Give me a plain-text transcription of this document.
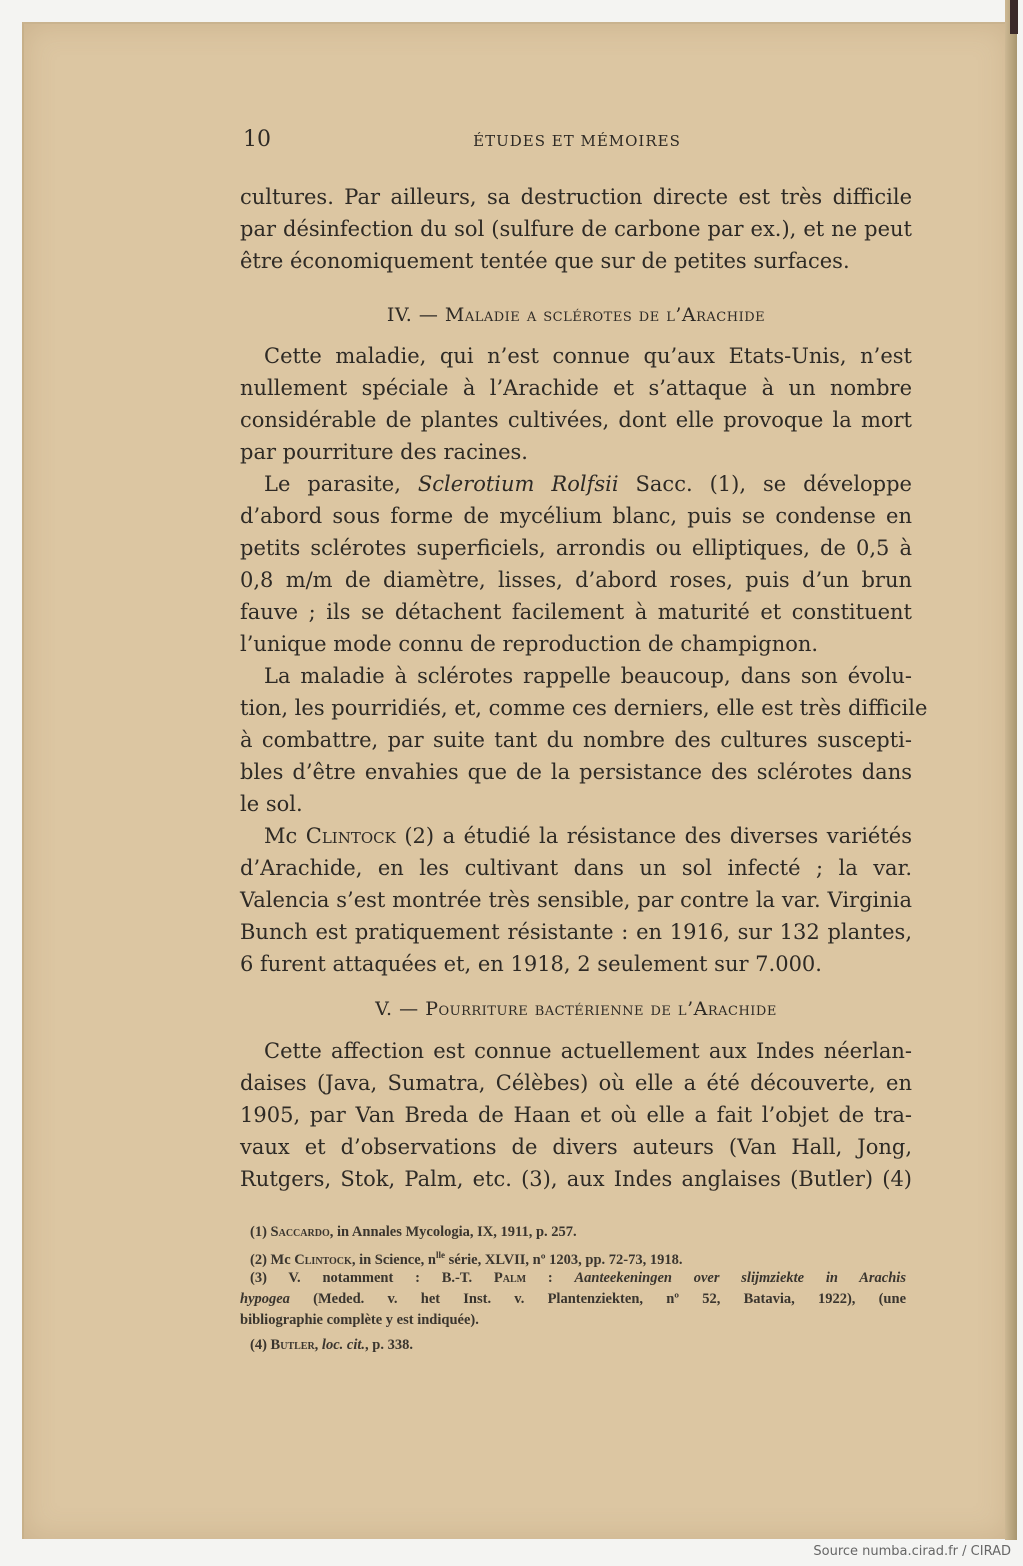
10	ÉTUDES ET MÉMOIRES
cultures. Par ailleurs, sa destruction directe est très difficile
par désinfection du sol (sulfure de carbone par ex.), et ne peut
être économiquement tentée que sur de petites surfaces.
IV. — Maladie a sclérotes de l’Arachide
Cette maladie, qui n’est connue qu’aux Etats-Unis, n’est
nullement spéciale à l’Arachide et s’attaque à un nombre
considérable de plantes cultivées, dont elle provoque la mort
par pourriture des racines.
Le parasite, Sclerotium Rolfsii Sacc. (1), se développe
d’abord sous forme de mycélium blanc, puis se condense en
petits sclérotes superficiels, arrondis ou elliptiques, de 0,5 à
0,8 m/m de diamètre, lisses, d’abord roses, puis d’un brun
fauve ; ils se détachent facilement à maturité et constituent
l’unique mode connu de reproduction de champignon.
La maladie à sclérotes rappelle beaucoup, dans son évolu-
tion, les pourridiés, et, comme ces derniers, elle est très difficile
à combattre, par suite tant du nombre des cultures suscepti-
bles d’être envahies que de la persistance des sclérotes dans
le sol.
Mc Clintock (2) a étudié la résistance des diverses variétés
d’Arachide, en les cultivant dans un sol infecté ; la var.
Valencia s’est montrée très sensible, par contre la var. Virginia
Bunch est pratiquement résistante : en 1916, sur 132 plantes,
6 furent attaquées et, en 1918, 2 seulement sur 7.000.
V. — Pourriture bactérienne de l’Arachide
Cette affection est connue actuellement aux Indes néerlan-
daises (Java, Sumatra, Célèbes) où elle a été découverte, en
1905, par Van Breda de Haan et où elle a fait l’objet de tra-
vaux et d’observations de divers auteurs (Van Hall, Jong,
Rutgers, Stok, Palm, etc. (3), aux Indes anglaises (Butler) (4)
(1) Saccardo, in Annales Mycologia, IX, 1911, p. 257.
(2) Mc Clintock, in Science, $n^{lle}$ série, XLVII, nº 1203, pp. 72-73, 1918.
(3) V. notamment : B.-T. Palm : Aanteekeningen over slijmziekte in Arachis
hypogea (Meded. v. het Inst. v. Plantenziekten, nº 52, Batavia, 1922), (une
bibliographie complète y est indiquée).
(4) Butler, loc. cit., p. 338.
Source numba.cirad.fr / CIRAD
